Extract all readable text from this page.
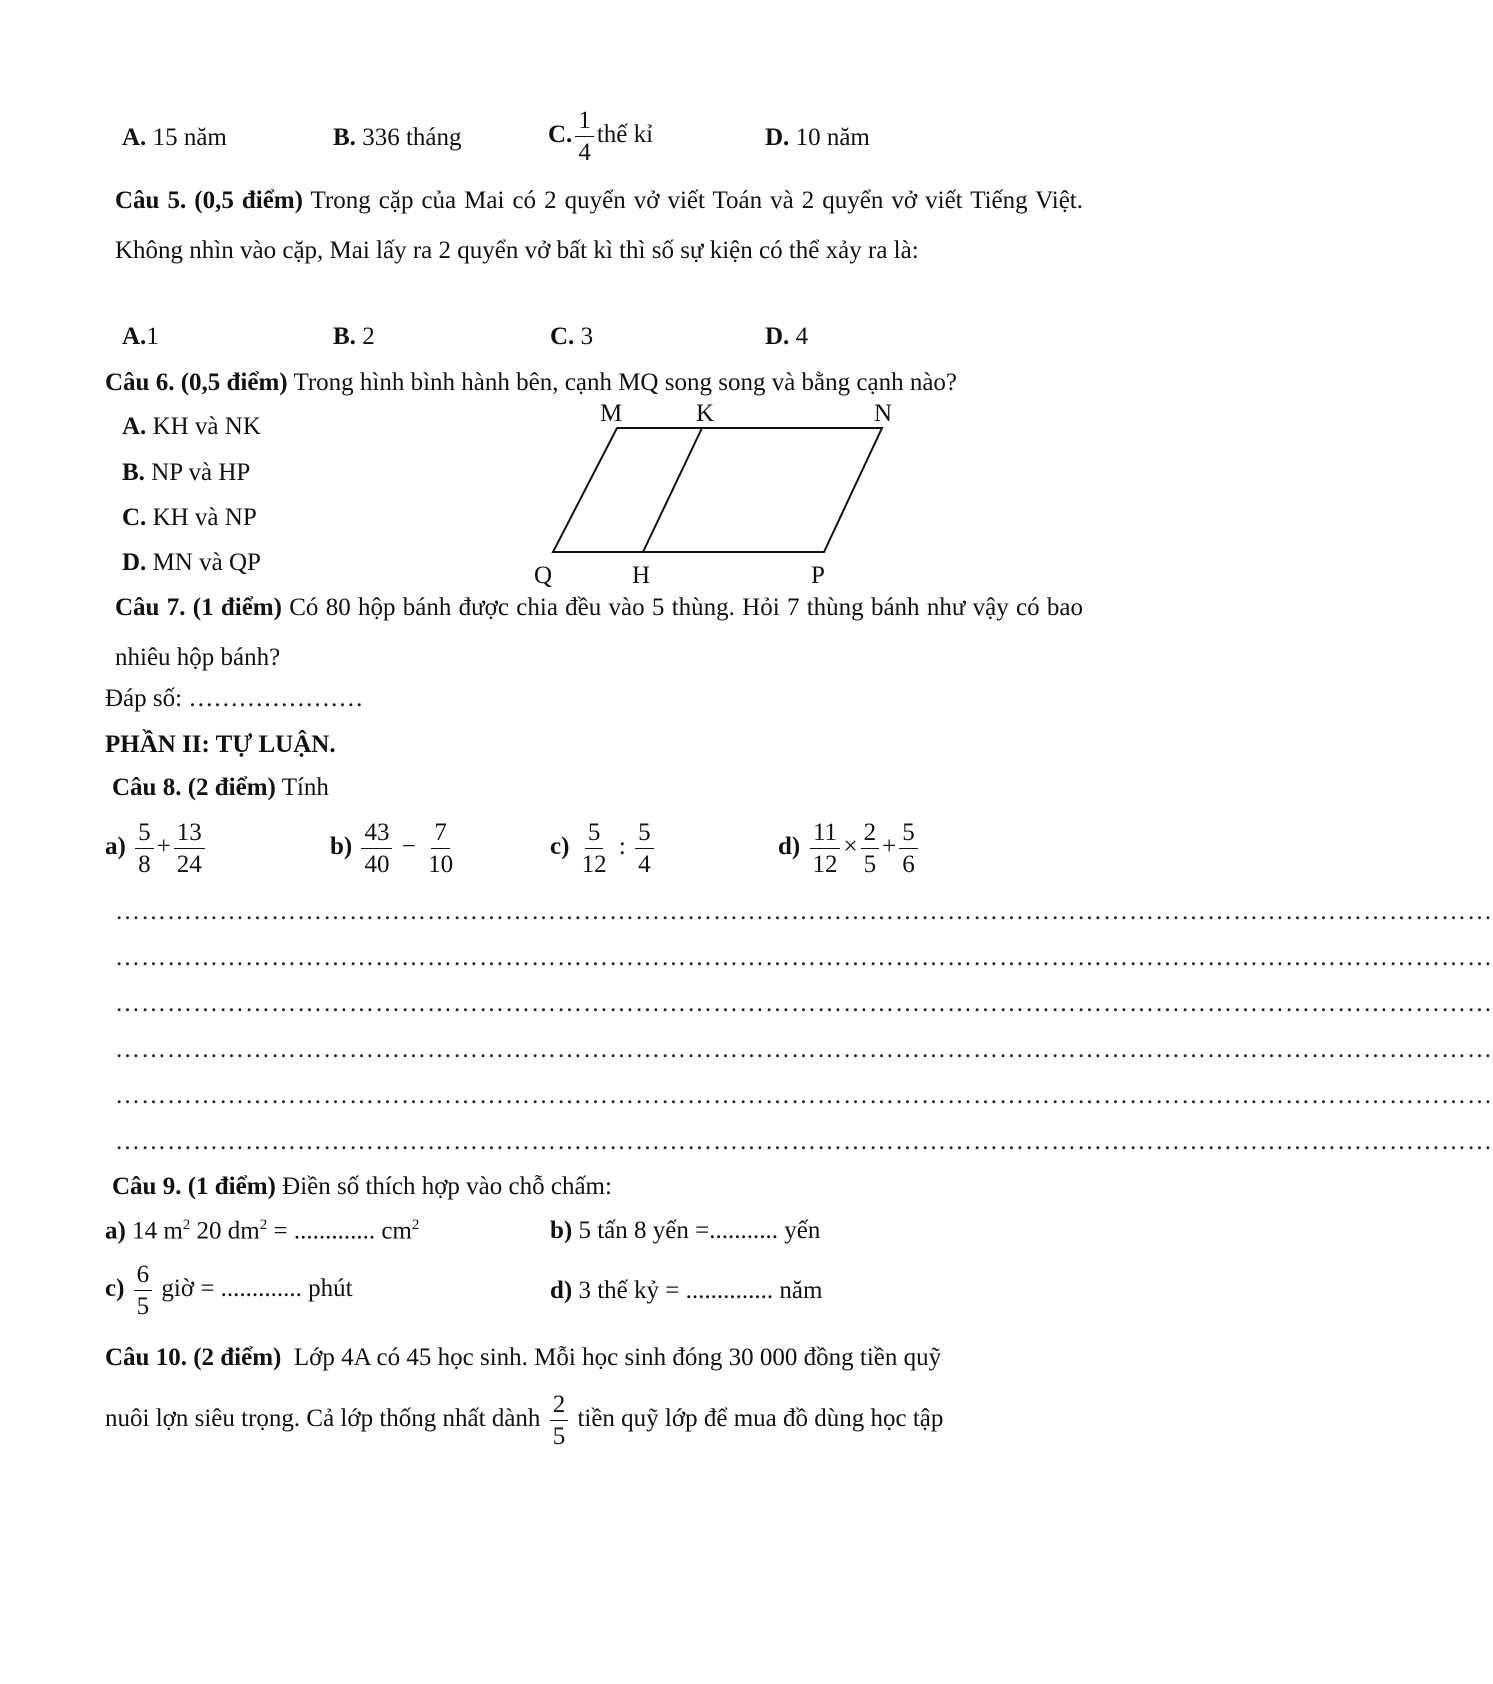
A. 15 năm	B. 336 tháng	C. $\frac{1}{4}$ thế kỉ	D. 10 năm
Câu 5. (0,5 điểm) Trong cặp của Mai có 2 quyển vở viết Toán và 2 quyển vở viết Tiếng Việt. Không nhìn vào cặp, Mai lấy ra 2 quyển vở bất kì thì số sự kiện có thể xảy ra là:
A.1	B. 2	C. 3	D. 4
Câu 6. (0,5 điểm) Trong hình bình hành bên, cạnh MQ song song và bằng cạnh nào?
A. KH và NK
B. NP và HP
C. KH và NP
D. MN và QP
M	K	N
Q	H	P
Câu 7. (1 điểm) Có 80 hộp bánh được chia đều vào 5 thùng. Hỏi 7 thùng bánh như vậy có bao nhiêu hộp bánh?
Đáp số: …………………
PHẦN II: TỰ LUẬN.
Câu 8. (2 điểm) Tính
$a) \frac{5}{8} + \frac{13}{24}$	$b) \frac{43}{40} - \frac{7}{10}$	$c) \frac{5}{12}$ : $\frac{5}{4}$	$d) \frac{11}{12} \times \frac{2}{5} + \frac{5}{6}$
……………………………………………………………………………………………………………………………………………
……………………………………………………………………………………………………………………………………………
……………………………………………………………………………………………………………………………………………
……………………………………………………………………………………………………………………………………………
……………………………………………………………………………………………………………………………………………
……………………………………………………………………………………………………………………………………………
Câu 9. (1 điểm) Điền số thích hợp vào chỗ chấm:
a) 14 $m^2$ 20 $dm^2$ = ............. $cm^2$	b) 5 tấn 8 yến =........... yến
$c) \frac{6}{5}$ giờ = ............. phút	d) 3 thế kỷ = .............. năm
Câu 10. (2 điểm) Lớp 4A có 45 học sinh. Mỗi học sinh đóng 30 000 đồng tiền quỹ
nuôi lợn siêu trọng. Cả lớp thống nhất dành $\frac{2}{5}$ tiền quỹ lớp để mua đồ dùng học tập
